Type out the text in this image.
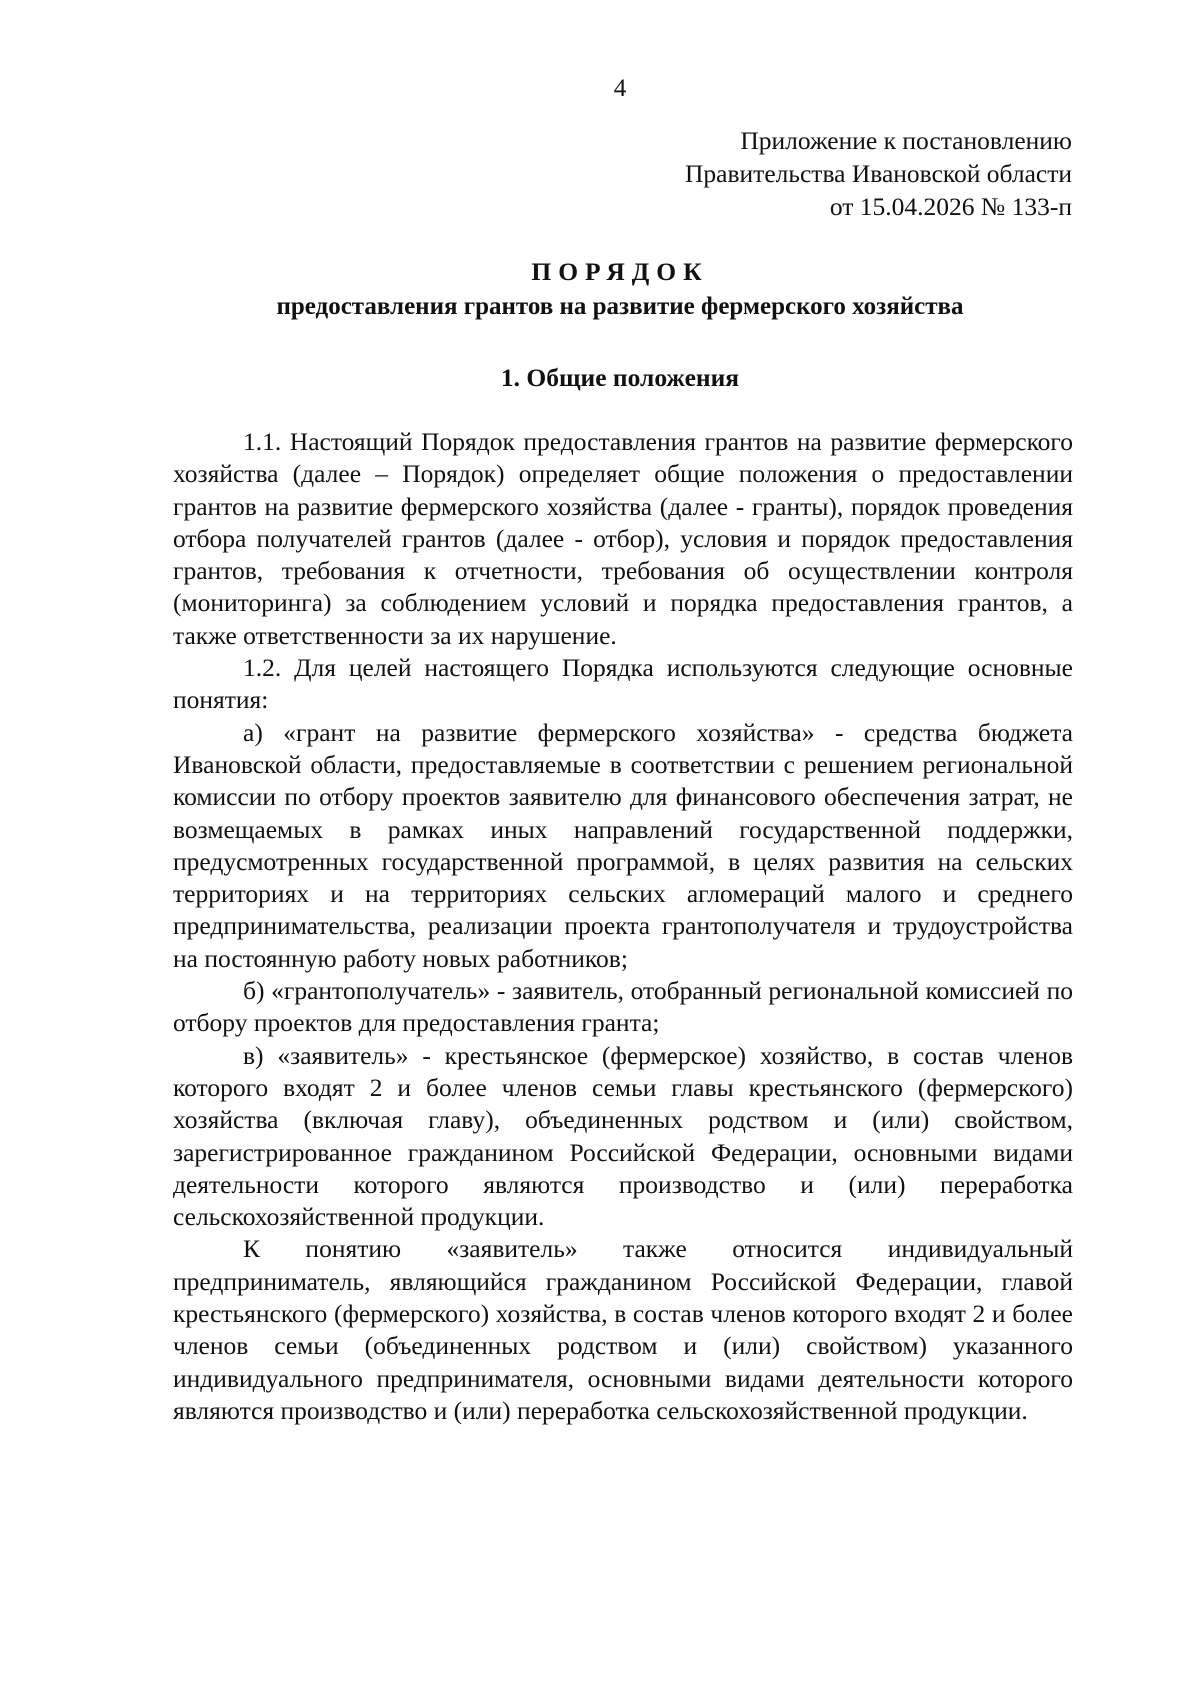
4
Приложение к постановлению
Правительства Ивановской области
от 15.04.2026 № 133-п
ПОРЯДОК
предоставления грантов на развитие фермерского хозяйства
1. Общие положения

1.1. Настоящий Порядок предоставления грантов на развитие фермерского хозяйства (далее – Порядок) определяет общие положения о предоставлении грантов на развитие фермерского хозяйства (далее - гранты), порядок проведения отбора получателей грантов (далее - отбор), условия и порядок предоставления грантов, требования к отчетности, требования об осуществлении контроля (мониторинга) за соблюдением условий и порядка предоставления грантов, а также ответственности за их нарушение.

1.2. Для целей настоящего Порядка используются следующие основные понятия:

а) «грант на развитие фермерского хозяйства» - средства бюджета Ивановской области, предоставляемые в соответствии с решением региональной комиссии по отбору проектов заявителю для финансового обеспечения затрат, не возмещаемых в рамках иных направлений государственной поддержки, предусмотренных государственной программой, в целях развития на сельских территориях и на территориях сельских агломераций малого и среднего предпринимательства, реализации проекта грантополучателя и трудоустройства на постоянную работу новых работников;

б) «грантополучатель» - заявитель, отобранный региональной комиссией по отбору проектов для предоставления гранта;

в) «заявитель» - крестьянское (фермерское) хозяйство, в состав членов которого входят 2 и более членов семьи главы крестьянского (фермерского) хозяйства (включая главу), объединенных родством и (или) свойством, зарегистрированное гражданином Российской Федерации, основными видами деятельности которого являются производство и (или) переработка сельскохозяйственной продукции.

К понятию «заявитель» также относится индивидуальный предприниматель, являющийся гражданином Российской Федерации, главой крестьянского (фермерского) хозяйства, в состав членов которого входят 2 и более членов семьи (объединенных родством и (или) свойством) указанного индивидуального предпринимателя, основными видами деятельности которого являются производство и (или) переработка сельскохозяйственной продукции.
